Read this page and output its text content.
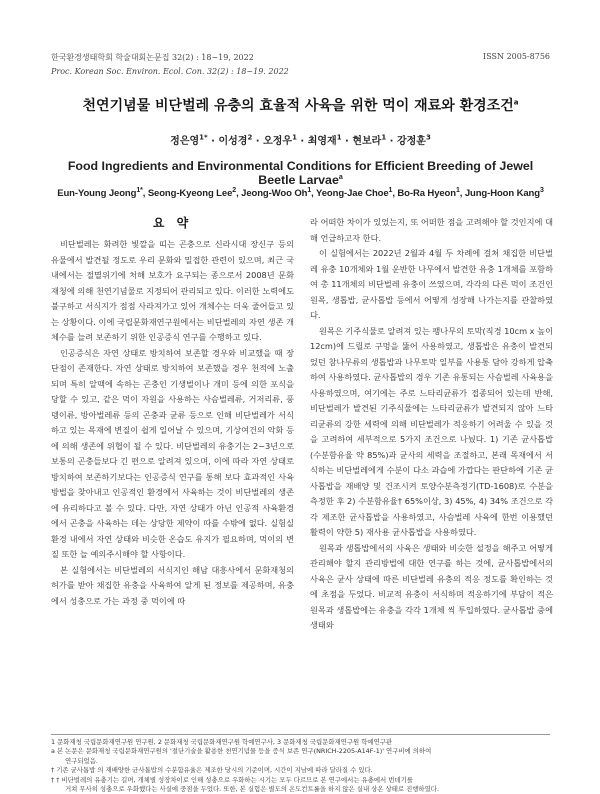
한국환경생태학회 학술대회논문집 32(2) : 18~19, 2022	ISSN 2005-8756
Proc. Korean Soc. Environ. Ecol. Con. 32(2) : 18~19. 2022
천연기념물 비단벌레 유충의 효율적 사육을 위한 먹이 재료와 환경조건$^a$
정은영$^{1*}$ · 이성경$^2$ · 오정우$^1$ · 최영재$^1$ · 현보라$^1$ · 강정훈$^3$
Food Ingredients and Environmental Conditions for Efficient Breeding of Jewel Beetle Larvae$^a$
Eun-Young Jeong$^{1*}$, Seong-Kyeong Lee$^2$, Jeong-Woo Oh$^1$, Yeong-Jae Choe$^1$, Bo-Ra Hyeon$^1$, Jung-Hoon Kang$^3$
요 약

비단벌레는 화려한 빛깔을 띠는 곤충으로 신라시대 장신구 등의 유물에서 발견될 정도로 우리 문화와 밀접한 관련이 있으며, 최근 국내에서는 절멸위기에 처해 보호가 요구되는 종으로서 2008년 문화재청에 의해 천연기념물로 지정되어 관리되고 있다. 이러한 노력에도 불구하고 서식지가 점점 사라져가고 있어 개체수는 더욱 줄어들고 있는 상황이다. 이에 국립문화재연구원에서는 비단벌레의 자연 생존 개체수를 늘려 보존하기 위한 인공증식 연구를 수행하고 있다.

인공증식은 자연 상태로 방치하여 보존할 경우와 비교했을 때 장단점이 존재한다. 자연 상태로 방치하여 보존했을 경우 천적에 노출되며 특히 알맥에 속하는 곤충인 기생벌이나 개미 등에 의한 포식을 당할 수 있고, 같은 먹이 자원을 사용하는 사슴벌레류, 거저리류, 풍뎅이류, 방아벌레류 등의 곤충과 균류 등으로 인해 비단벌레가 서식하고 있는 목재에 변질이 쉽게 일어날 수 있으며, 기상여건의 악화 등에 의해 생존에 위협이 될 수 있다. 비단벌레의 유충기는 2~3년으로 보통의 곤충들보다 긴 편으로 알려져 있으며, 이에 따라 자연 상태로 방치하여 보존하기보다는 인공증식 연구를 통해 보다 효과적인 사육방법을 찾아내고 인공적인 환경에서 사육하는 것이 비단벌레의 생존에 유리하다고 볼 수 있다. 다만, 자연 상태가 아닌 인공적 사육환경에서 곤충을 사육하는 데는 상당한 제약이 따를 수밖에 없다. 실험실 환경 내에서 자연 상태와 비슷한 온습도 유지가 필요하며, 먹이의 변질 또한 늘 예의주시해야 할 사항이다.

본 실험에서는 비단벌레의 서식지인 해남 대흥사에서 문화재청의 허가를 받아 채집한 유충을 사육하여 알게 된 정보를 제공하며, 유충에서 성충으로 가는 과정 중 먹이에 따

라 어떠한 차이가 있었는지, 또 어떠한 점을 고려해야 할 것인지에 대해 언급하고자 한다.

이 실험에서는 2022년 2월과 4월 두 차례에 걸쳐 채집한 비단벌레 유충 10개체와 1월 운반한 나무에서 발견한 유충 1개체를 포함하여 총 11개체의 비단벌레 유충이 쓰였으며, 각각의 다른 먹이 조건인 원목, 생톱밥, 균사톱밥 등에서 어떻게 성장해 나가는지를 관찰하였다.

원목은 기주식물로 알려져 있는 팽나무의 토막(직경 10cm x 높이 12cm)에 드릴로 구멍을 뚫어 사용하였고, 생톱밥은 유충이 발견되었던 참나무류의 생톱밥과 나무토막 일부를 사용통 담아 강하게 압축하여 사용하였다. 균사톱밥의 경우 기존 유통되는 사슴벌레 사육용을 사용하였으며, 여기에는 주로 느타리균류가 접종되어 있는데 반해, 비단벌레가 발견된 기주식물에는 느타리균류가 발견되지 않아 느타리균류의 강한 세력에 의해 비단벌레가 적응하기 어려울 수 있을 것을 고려하여 세부적으로 5가지 조건으로 나눴다. 1) 기존 균사톱밥(수분함유율 약 85%)과 균사의 세력을 조절하고, 본래 목재에서 서식하는 비단벌레에게 수분이 다소 과습에 가깝다는 판단하에 기존 균사톱밥을 재배양 및 건조시켜 토양수분측정기(TD-1608)로 수분을 측정한 후 2) 수분함유율† 65%이상, 3) 45%, 4) 34% 조건으로 각각 제조한 균사톱밥을 사용하였고, 사슴벌레 사육에 한번 이용했던 활력이 약한 5) 재사용 균사톱밥을 사용하였다.

원목과 생톱밥에서의 사육은 생태와 비슷한 설정을 해주고 어떻게 관리해야 할지 관리방법에 대한 연구를 하는 것에, 균사톱밥에서의 사육은 균사 상태에 따른 비단벌레 유충의 적응 정도를 확인하는 것에 초점을 두었다. 비교적 유충이 서식하며 적응하기에 부담이 적은 원목과 생톱밥에는 유충을 각각 1개체 씩 투입하였다. 균사톱밥 중에 생태와

1 문화재청 국립문화재연구원 연구원, 2 문화재청 국립문화재연구원 학예연구사, 3 문화재청 국립문화재연구원 학예연구관
a 본 논문은 문화재청 국립문화재연구원의 '절단기술을 활용한 천연기념물 등을 증식 보존 연구(NRICH-2205-A14F-1)' 연구비에 의하여
연구되었음.
† 기존 균사톱밥 의 재배양한 균사톱밥의 수분함유율은 제조한 당시의 기준이며, 시간이 지남에 따라 달라질 수 있다.
† † 비단벌레의 유충기는 길며, 개체별 성장차이로 인해 성충으로 우화하는 시기는 모두 다르므로 본 연구에서는 유충에서 번데기를
거쳐 무사히 성충으로 우화했다는 사실에 중점을 두었다. 또한, 본 실험은 별도의 온도컨트롤을 하지 않은 실내 상온 상태로 진행하였다.
